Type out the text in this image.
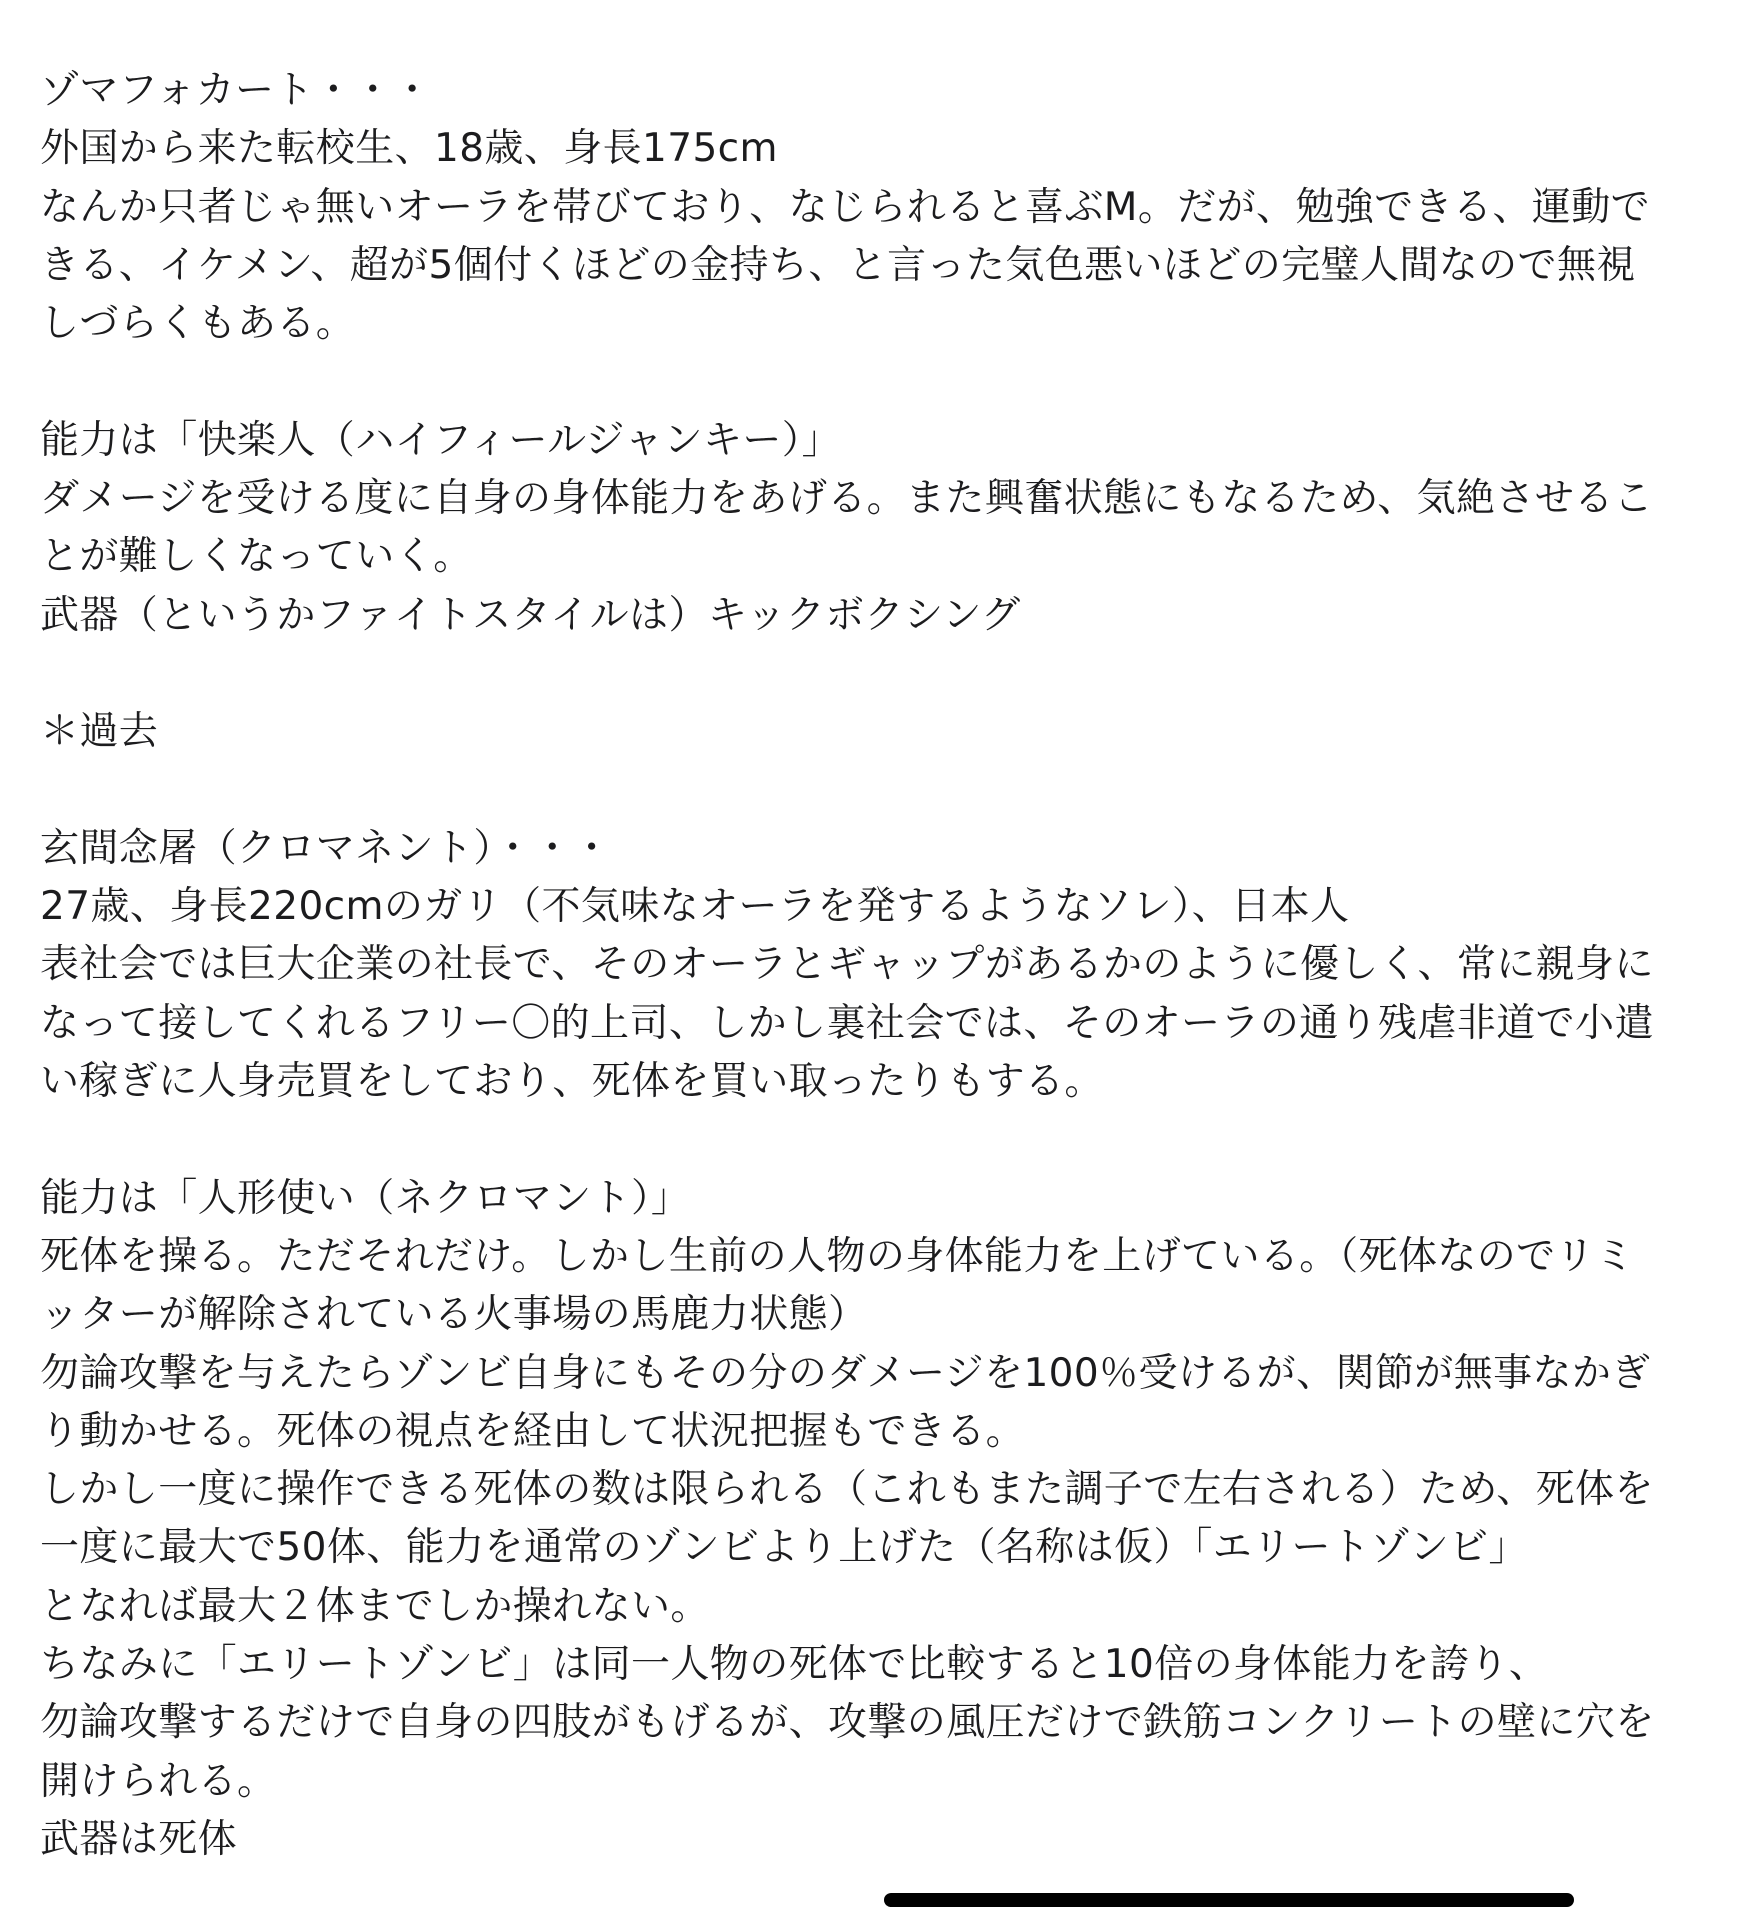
ゾマフォカート・・・
外国から来た転校生、18歳、身長175cm
なんか只者じゃ無いオーラを帯びており、なじられると喜ぶM。だが、勉強できる、運動で
きる、イケメン、超が5個付くほどの金持ち、と言った気色悪いほどの完璧人間なので無視
しづらくもある。
能力は「快楽人（ハイフィールジャンキー）」
ダメージを受ける度に自身の身体能力をあげる。また興奮状態にもなるため、気絶させるこ
とが難しくなっていく。
武器（というかファイトスタイルは）キックボクシング
＊過去
玄間念屠（クロマネント）・・・
27歳、身長220cmのガリ（不気味なオーラを発するようなソレ）、日本人
表社会では巨大企業の社長で、そのオーラとギャップがあるかのように優しく、常に親身に
なって接してくれるフリー〇的上司、しかし裏社会では、そのオーラの通り残虐非道で小遣
い稼ぎに人身売買をしており、死体を買い取ったりもする。
能力は「人形使い（ネクロマント）」
死体を操る。ただそれだけ。しかし生前の人物の身体能力を上げている。（死体なのでリミ
ッターが解除されている火事場の馬鹿力状態）
勿論攻撃を与えたらゾンビ自身にもその分のダメージを100％受けるが、関節が無事なかぎ
り動かせる。死体の視点を経由して状況把握もできる。
しかし一度に操作できる死体の数は限られる（これもまた調子で左右される）ため、死体を
一度に最大で50体、能力を通常のゾンビより上げた（名称は仮）「エリートゾンビ」
となれば最大２体までしか操れない。
ちなみに「エリートゾンビ」は同一人物の死体で比較すると10倍の身体能力を誇り、
勿論攻撃するだけで自身の四肢がもげるが、攻撃の風圧だけで鉄筋コンクリートの壁に穴を
開けられる。
武器は死体
